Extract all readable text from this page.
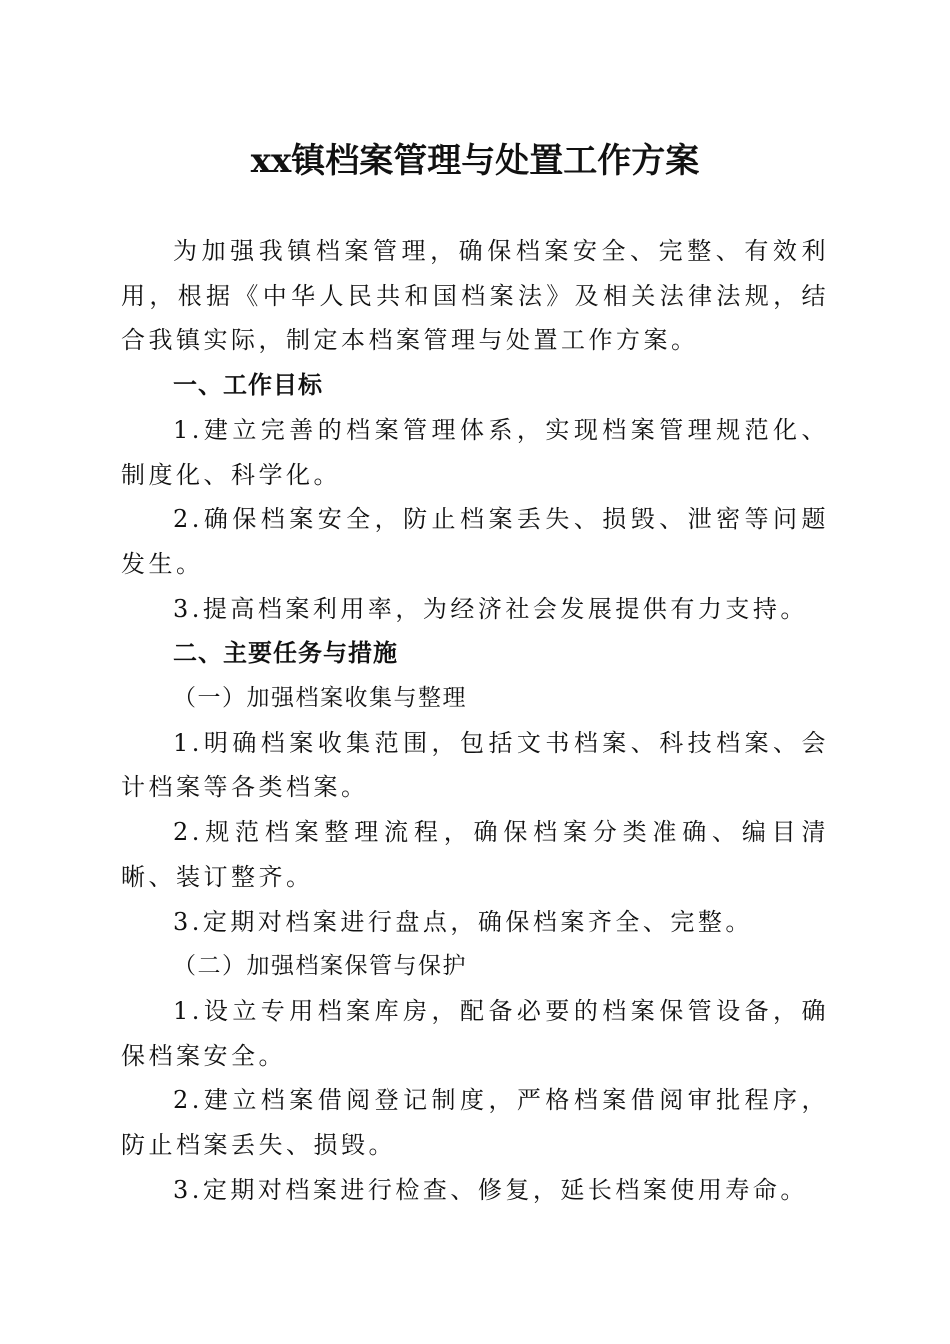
xx镇档案管理与处置工作方案

为加强我镇档案管理，确保档案安全、完整、有效利用，根据《中华人民共和国档案法》及相关法律法规，结合我镇实际，制定本档案管理与处置工作方案。

一、工作目标

1.建立完善的档案管理体系，实现档案管理规范化、制度化、科学化。

2.确保档案安全，防止档案丢失、损毁、泄密等问题发生。

3.提高档案利用率，为经济社会发展提供有力支持。

二、主要任务与措施

（一）加强档案收集与整理

1.明确档案收集范围，包括文书档案、科技档案、会计档案等各类档案。

2.规范档案整理流程，确保档案分类准确、编目清晰、装订整齐。

3.定期对档案进行盘点，确保档案齐全、完整。

（二）加强档案保管与保护

1.设立专用档案库房，配备必要的档案保管设备，确保档案安全。

2.建立档案借阅登记制度，严格档案借阅审批程序，防止档案丢失、损毁。

3.定期对档案进行检查、修复，延长档案使用寿命。
